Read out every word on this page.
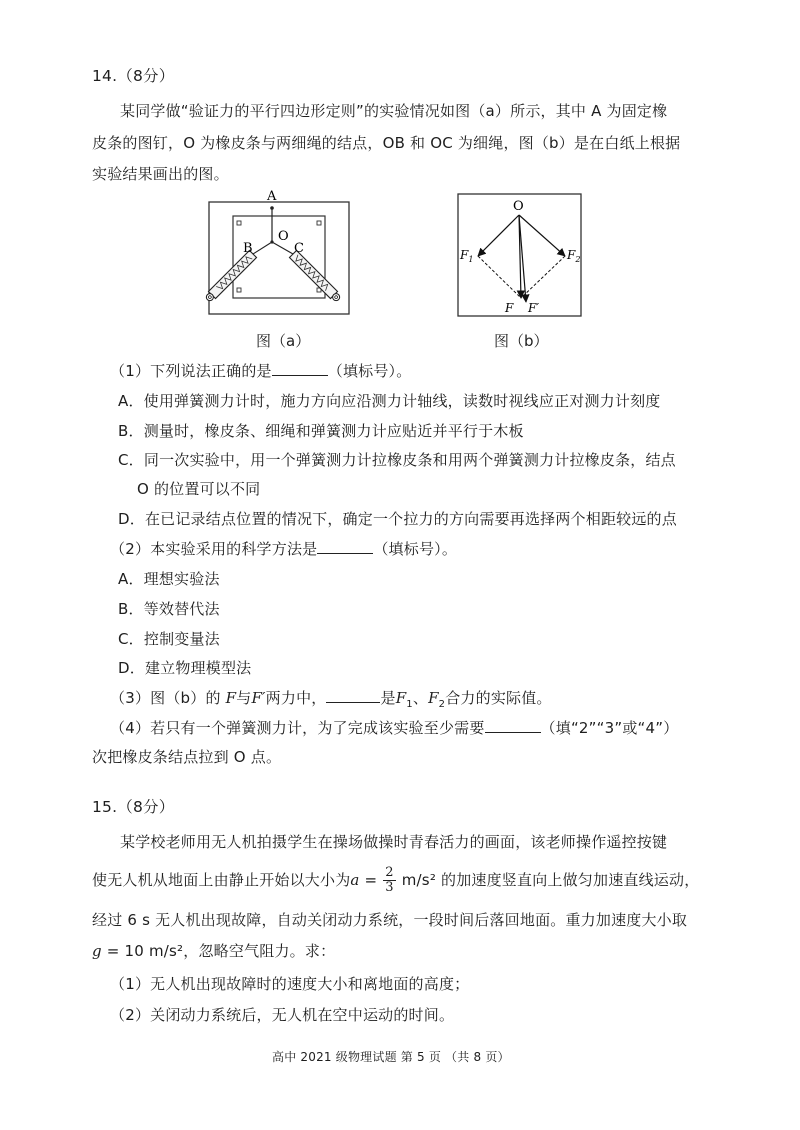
14.（8分）
某同学做“验证力的平行四边形定则”的实验情况如图（a）所示，其中 A 为固定橡
皮条的图钉，O 为橡皮条与两细绳的结点，OB 和 OC 为细绳，图（b）是在白纸上根据
实验结果画出的图。
A
O
B	C
图（a）
O
$F_1$	$F_2$
F F′
图（b）
（1）下列说法正确的是	（填标号）。
A．使用弹簧测力计时，施力方向应沿测力计轴线，读数时视线应正对测力计刻度
B．测量时，橡皮条、细绳和弹簧测力计应贴近并平行于木板
C．同一次实验中，用一个弹簧测力计拉橡皮条和用两个弹簧测力计拉橡皮条，结点
O 的位置可以不同
D．在已记录结点位置的情况下，确定一个拉力的方向需要再选择两个相距较远的点
（2）本实验采用的科学方法是	（填标号）。
A．理想实验法
B．等效替代法
C．控制变量法
D．建立物理模型法
（3）图（b）的 F与F′两力中，	是$F_1$、$F_2$合力的实际值。
（4）若只有一个弹簧测力计，为了完成该实验至少需要	（填“2”“3”或“4”）
次把橡皮条结点拉到 O 点。
15.（8分）
某学校老师用无人机拍摄学生在操场做操时青春活力的画面，该老师操作遥控按键
使无人机从地面上由静止开始以大小为$a = \frac{2}{3} m/s^2$ 的加速度竖直向上做匀加速直线运动，
经过 6 s 无人机出现故障，自动关闭动力系统，一段时间后落回地面。重力加速度大小取
g = 10 m/s²，忽略空气阻力。求：
（1）无人机出现故障时的速度大小和离地面的高度；
（2）关闭动力系统后，无人机在空中运动的时间。
高中 2021 级物理试题 第 5 页 （共 8 页）
